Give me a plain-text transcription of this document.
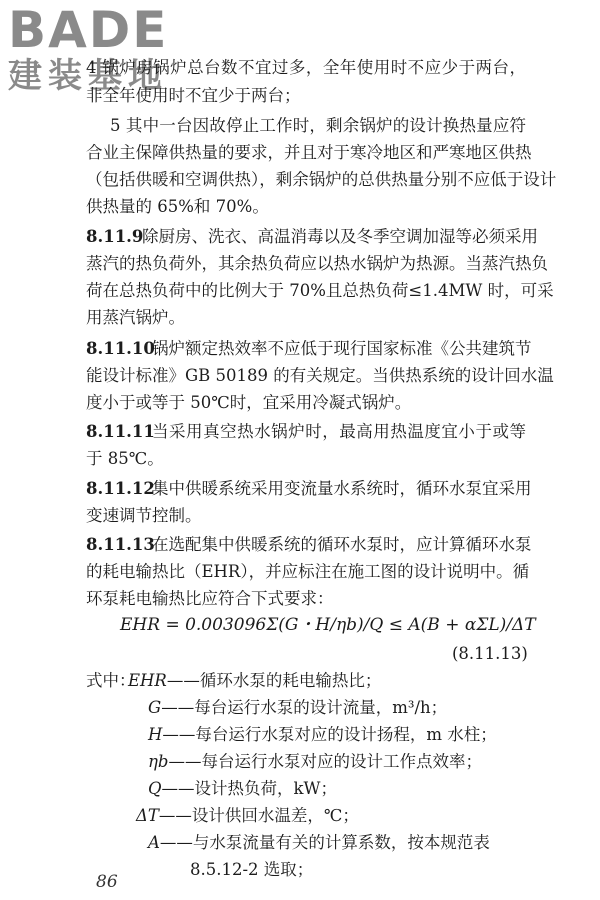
BADE
建装基地
4 锅炉房锅炉总台数不宜过多，全年使用时不应少于两台，
非全年使用时不宜少于两台；
5 其中一台因故停止工作时，剩余锅炉的设计换热量应符
合业主保障供热量的要求，并且对于寒冷地区和严寒地区供热
（包括供暖和空调供热），剩余锅炉的总供热量分别不应低于设计
供热量的 65%和 70%。
8.11.9
除厨房、洗衣、高温消毒以及冬季空调加湿等必须采用
蒸汽的热负荷外，其余热负荷应以热水锅炉为热源。当蒸汽热负
荷在总热负荷中的比例大于 70%且总热负荷≤1.4MW 时，可采
用蒸汽锅炉。
8.11.10
锅炉额定热效率不应低于现行国家标准《公共建筑节
能设计标准》GB 50189 的有关规定。当供热系统的设计回水温
度小于或等于 50℃时，宜采用冷凝式锅炉。
8.11.11
当采用真空热水锅炉时，最高用热温度宜小于或等
于 85℃。
8.11.12
集中供暖系统采用变流量水系统时，循环水泵宜采用
变速调节控制。
8.11.13
在选配集中供暖系统的循环水泵时，应计算循环水泵
的耗电输热比（EHR），并应标注在施工图的设计说明中。循
环泵耗电输热比应符合下式要求：
EHR = 0.003096Σ(G・H/ηb)/Q ≤ A(B + αΣL)/ΔT
(8.11.13)
式中：
EHR——循环水泵的耗电输热比；
G——每台运行水泵的设计流量，m³/h；
H——每台运行水泵对应的设计扬程，m 水柱；
ηb——每台运行水泵对应的设计工作点效率；
Q——设计热负荷，kW；
ΔT——设计供回水温差，℃；
A——与水泵流量有关的计算系数，按本规范表
8.5.12-2 选取；
86
